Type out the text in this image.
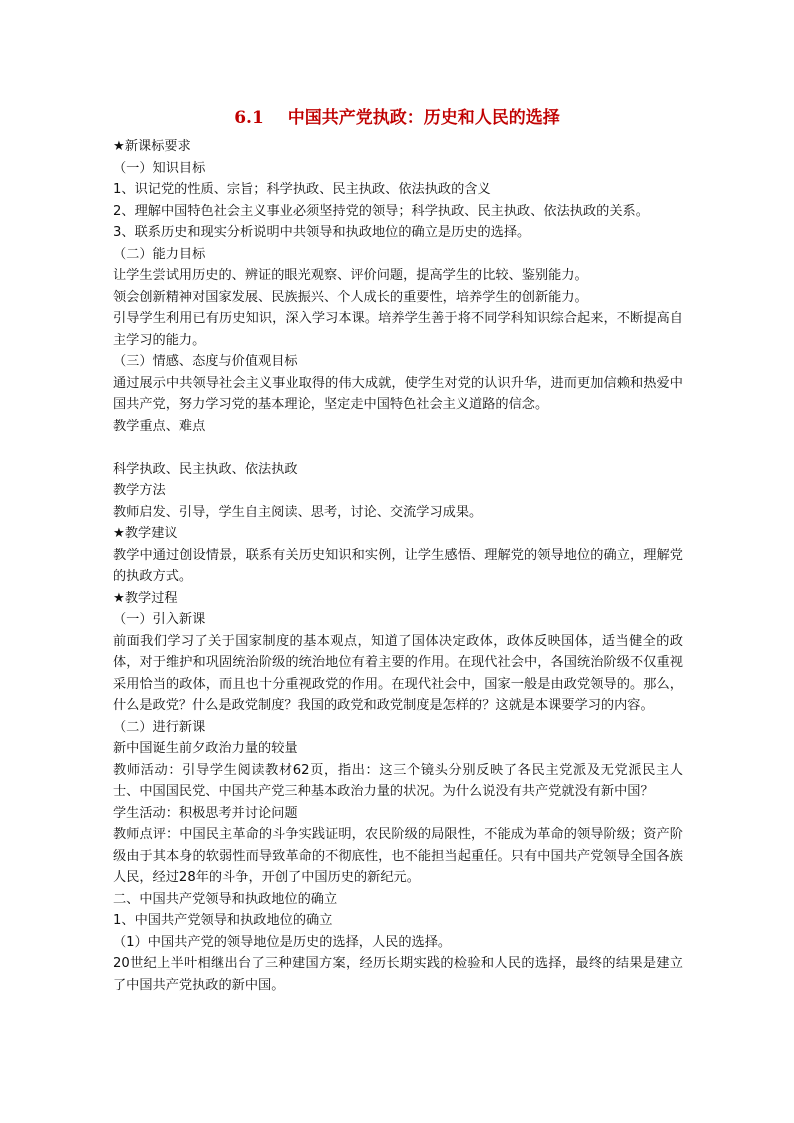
6.1 中国共产党执政：历史和人民的选择

★新课标要求

（一）知识目标

1、识记党的性质、宗旨；科学执政、民主执政、依法执政的含义

2、理解中国特色社会主义事业必须坚持党的领导；科学执政、民主执政、依法执政的关系。

3、联系历史和现实分析说明中共领导和执政地位的确立是历史的选择。

（二）能力目标

让学生尝试用历史的、辨证的眼光观察、评价问题，提高学生的比较、鉴别能力。

领会创新精神对国家发展、民族振兴、个人成长的重要性，培养学生的创新能力。

引导学生利用已有历史知识，深入学习本课。培养学生善于将不同学科知识综合起来，不断提高自主学习的能力。

（三）情感、态度与价值观目标

通过展示中共领导社会主义事业取得的伟大成就，使学生对党的认识升华，进而更加信赖和热爱中国共产党，努力学习党的基本理论，坚定走中国特色社会主义道路的信念。

教学重点、难点

科学执政、民主执政、依法执政

教学方法

教师启发、引导，学生自主阅读、思考，讨论、交流学习成果。

★教学建议

教学中通过创设情景，联系有关历史知识和实例，让学生感悟、理解党的领导地位的确立，理解党的执政方式。

★教学过程

（一）引入新课

前面我们学习了关于国家制度的基本观点，知道了国体决定政体，政体反映国体，适当健全的政体，对于维护和巩固统治阶级的统治地位有着主要的作用。在现代社会中，各国统治阶级不仅重视采用恰当的政体，而且也十分重视政党的作用。在现代社会中，国家一般是由政党领导的。那么，什么是政党？什么是政党制度？我国的政党和政党制度是怎样的？这就是本课要学习的内容。

（二）进行新课

新中国诞生前夕政治力量的较量

教师活动：引导学生阅读教材62页，指出：这三个镜头分别反映了各民主党派及无党派民主人士、中国国民党、中国共产党三种基本政治力量的状况。为什么说没有共产党就没有新中国？

学生活动：积极思考并讨论问题

教师点评：中国民主革命的斗争实践证明，农民阶级的局限性，不能成为革命的领导阶级；资产阶级由于其本身的软弱性而导致革命的不彻底性，也不能担当起重任。只有中国共产党领导全国各族人民，经过28年的斗争，开创了中国历史的新纪元。

二、中国共产党领导和执政地位的确立

1、中国共产党领导和执政地位的确立

（1）中国共产党的领导地位是历史的选择，人民的选择。

20世纪上半叶相继出台了三种建国方案，经历长期实践的检验和人民的选择，最终的结果是建立了中国共产党执政的新中国。
